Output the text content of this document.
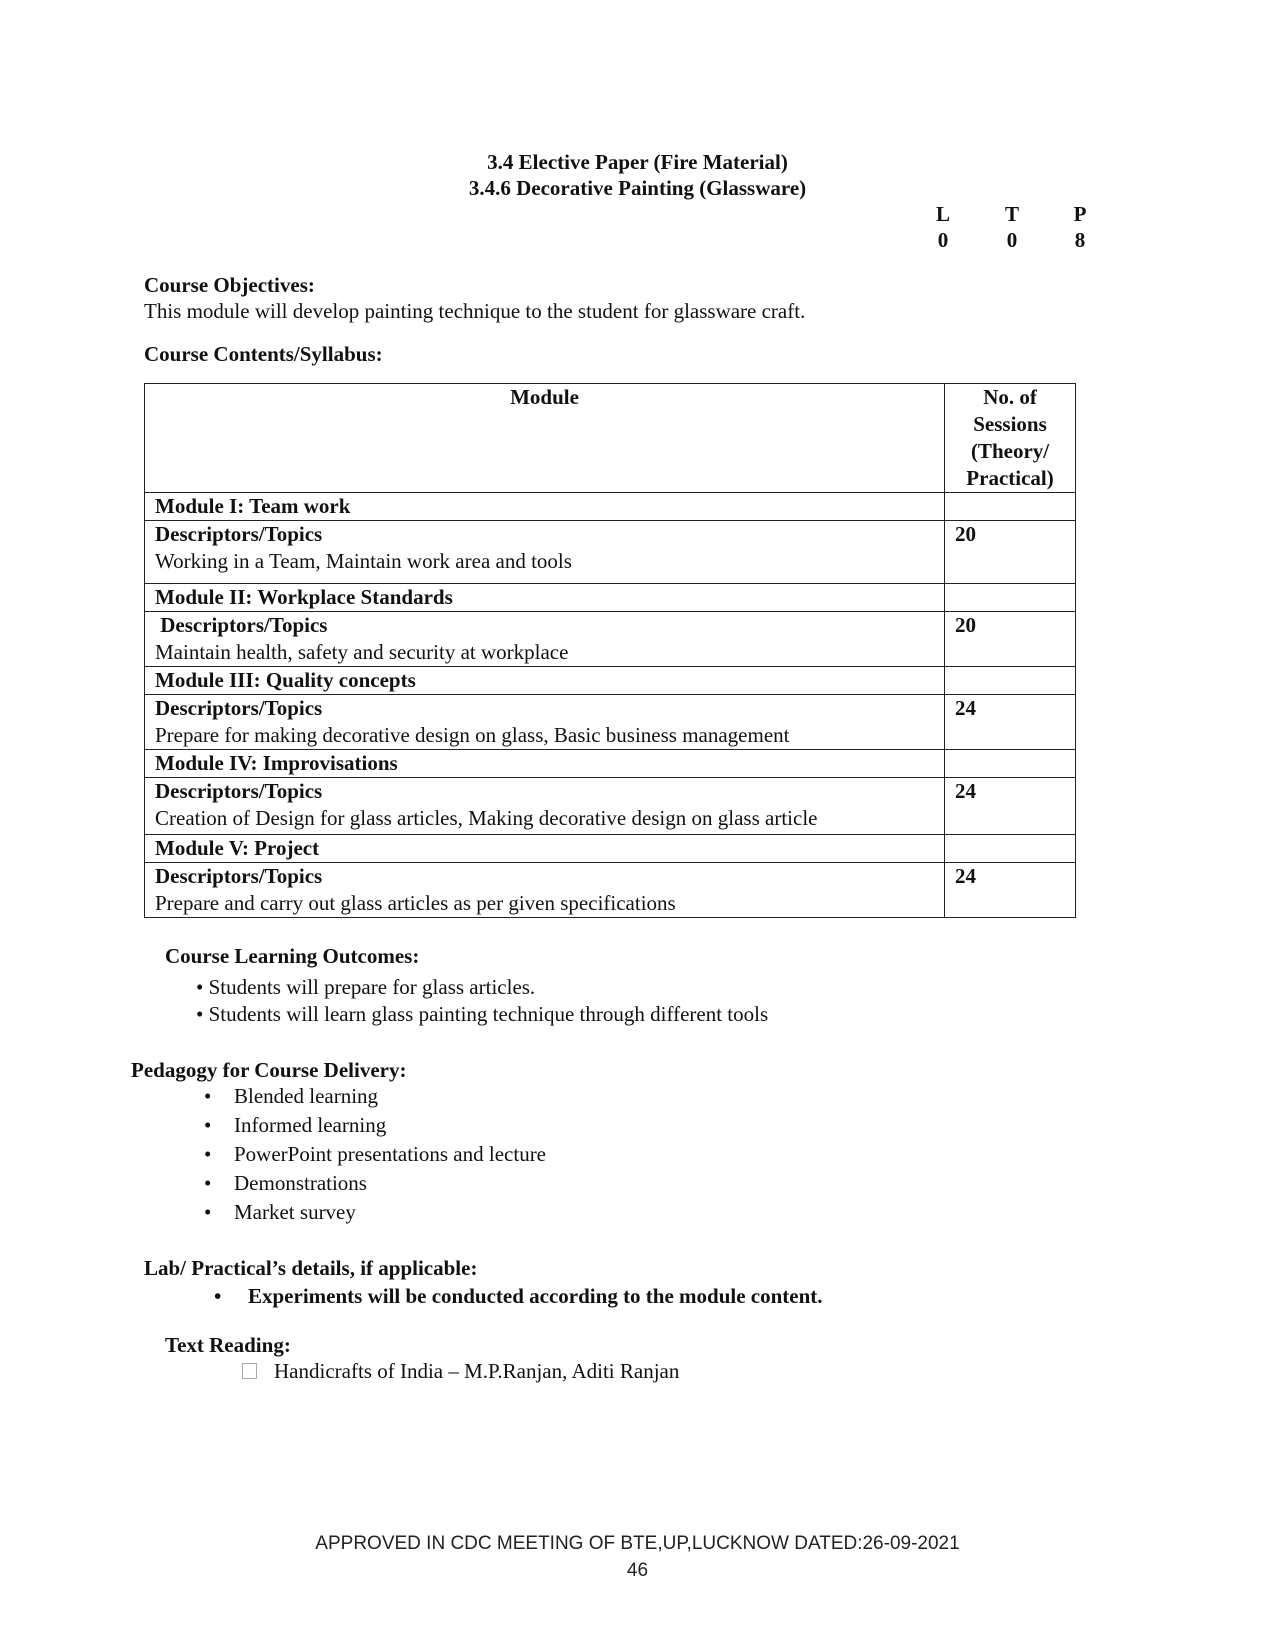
3.4 Elective Paper (Fire Material)
3.4.6 Decorative Painting (Glassware)
L	T	P
0	0	8
Course Objectives:
This module will develop painting technique to the student for glassware craft.
Course Contents/Syllabus:
Module	No. of
Sessions
(Theory/
Practical)

Module I: Team work	

Descriptors/Topics
Working in a Team, Maintain work area and tools	20
Module II: Workplace Standards	

Descriptors/Topics
Maintain health, safety and security at workplace	20
Module III: Quality concepts	

Descriptors/Topics
Prepare for making decorative design on glass, Basic business management	24
Module IV: Improvisations	

Descriptors/Topics
Creation of Design for glass articles, Making decorative design on glass article	24
Module V: Project	

Descriptors/Topics
Prepare and carry out glass articles as per given specifications	24
Course Learning Outcomes:
• Students will prepare for glass articles.
• Students will learn glass painting technique through different tools
Pedagogy for Course Delivery:
• Blended learning
• Informed learning
• PowerPoint presentations and lecture
• Demonstrations
• Market survey
Lab/ Practical’s details, if applicable:
• Experiments will be conducted according to the module content.
Text Reading:
Handicrafts of India – M.P.Ranjan, Aditi Ranjan
APPROVED IN CDC MEETING OF BTE,UP,LUCKNOW DATED:26-09-2021
46
